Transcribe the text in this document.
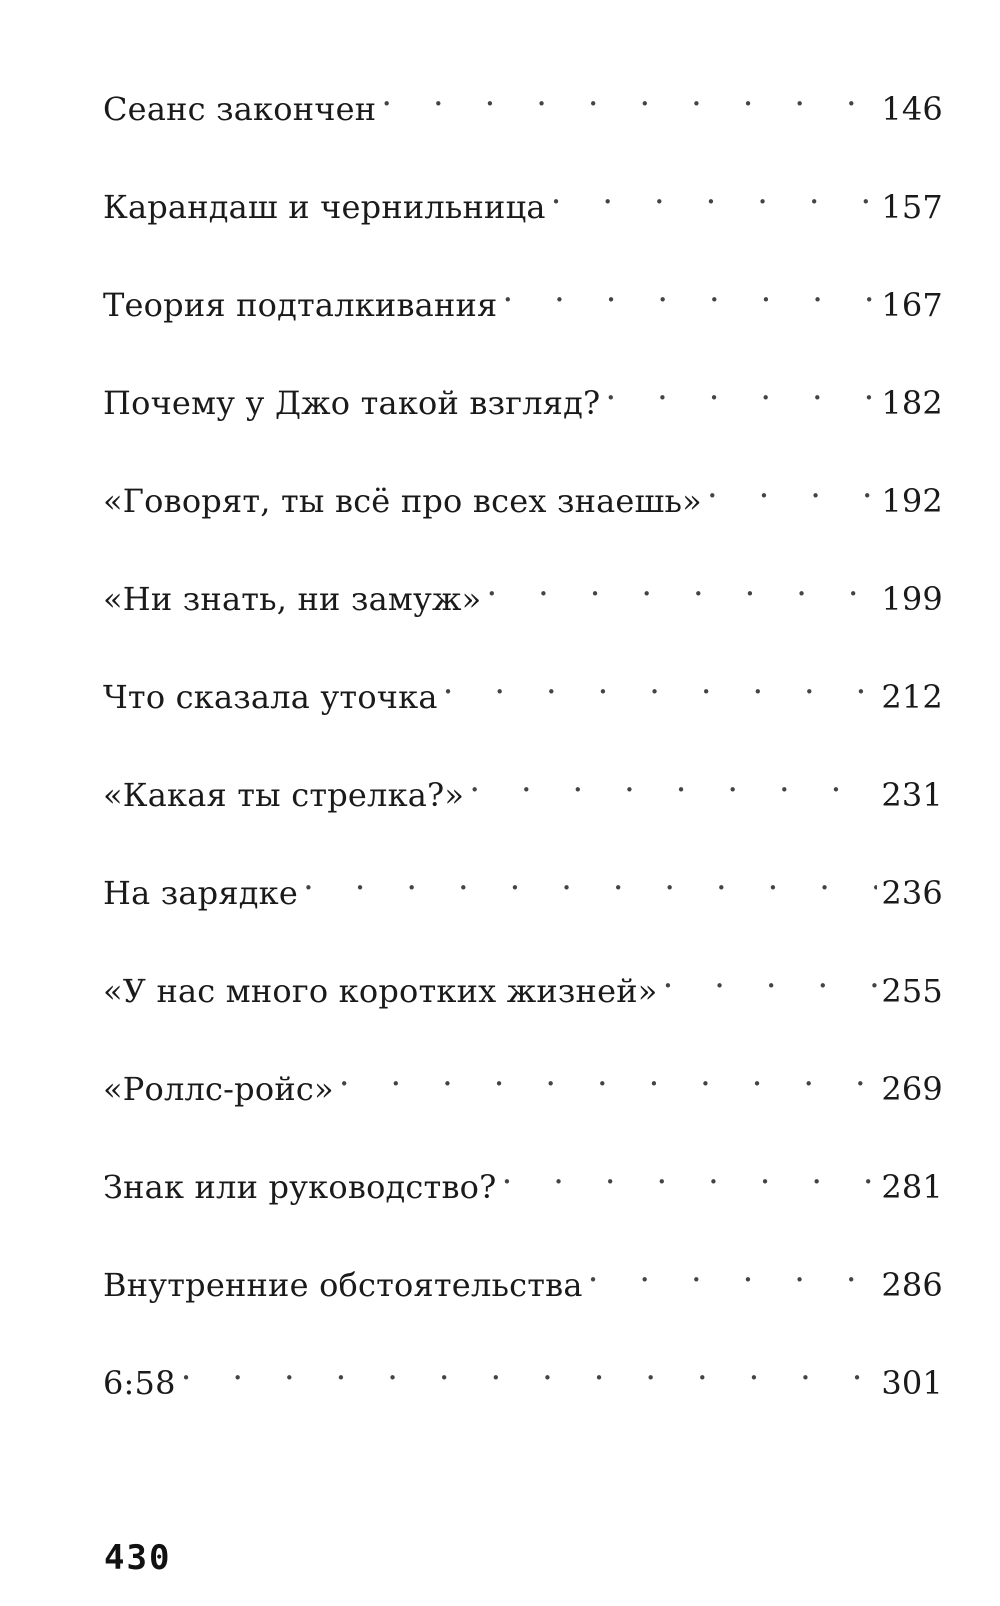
Сеанс закончен • • •	146
Карандаш и чернильница • • •	157
Теория подталкивания • • •	167
Почему у Джо такой взгляд? • • •	182
«Говорят, ты всё про всех знаешь» • • •	192
«Ни знать, ни замуж» • • •	199
Что сказала уточка • • •	212
«Какая ты стрелка?» • • •	231
На зарядке • • •	236
«У нас много коротких жизней» • • •	255
«Роллс-ройс» • • •	269
Знак или руководство? • • •	281
Внутренние обстоятельства • • •	286
6:58 • • •	301
430
